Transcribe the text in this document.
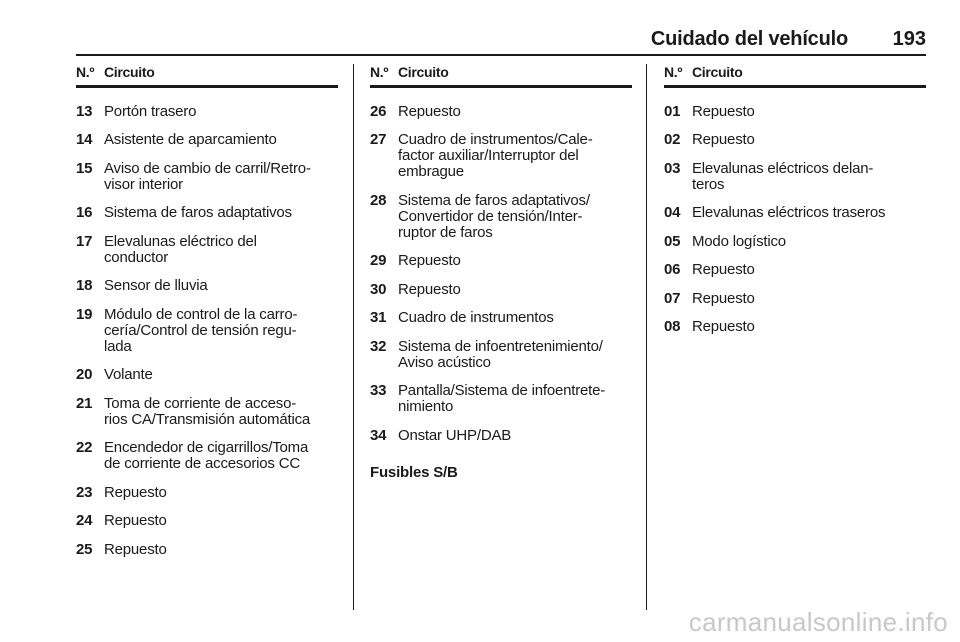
Cuidado del vehículo 193
N.º Circuito
13 Portón trasero
14 Asistente de aparcamiento
15 Aviso de cambio de carril/Retro-
visor interior
16 Sistema de faros adaptativos
17 Elevalunas eléctrico del
conductor
18 Sensor de lluvia
19 Módulo de control de la carro-
cería/Control de tensión regu-
lada
20 Volante
21 Toma de corriente de acceso-
rios CA/Transmisión automática
22 Encendedor de cigarrillos/Toma
de corriente de accesorios CC
23 Repuesto
24 Repuesto
25 Repuesto
N.º Circuito
26 Repuesto
27 Cuadro de instrumentos/Cale-
factor auxiliar/Interruptor del
embrague
28 Sistema de faros adaptativos/
Convertidor de tensión/Inter-
ruptor de faros
29 Repuesto
30 Repuesto
31 Cuadro de instrumentos
32 Sistema de infoentretenimiento/
Aviso acústico
33 Pantalla/Sistema de infoentrete-
nimiento
34 Onstar UHP/DAB
Fusibles S/B
N.º Circuito
01 Repuesto
02 Repuesto
03 Elevalunas eléctricos delan-
teros
04 Elevalunas eléctricos traseros
05 Modo logístico
06 Repuesto
07 Repuesto
08 Repuesto
carmanualsonline.info
